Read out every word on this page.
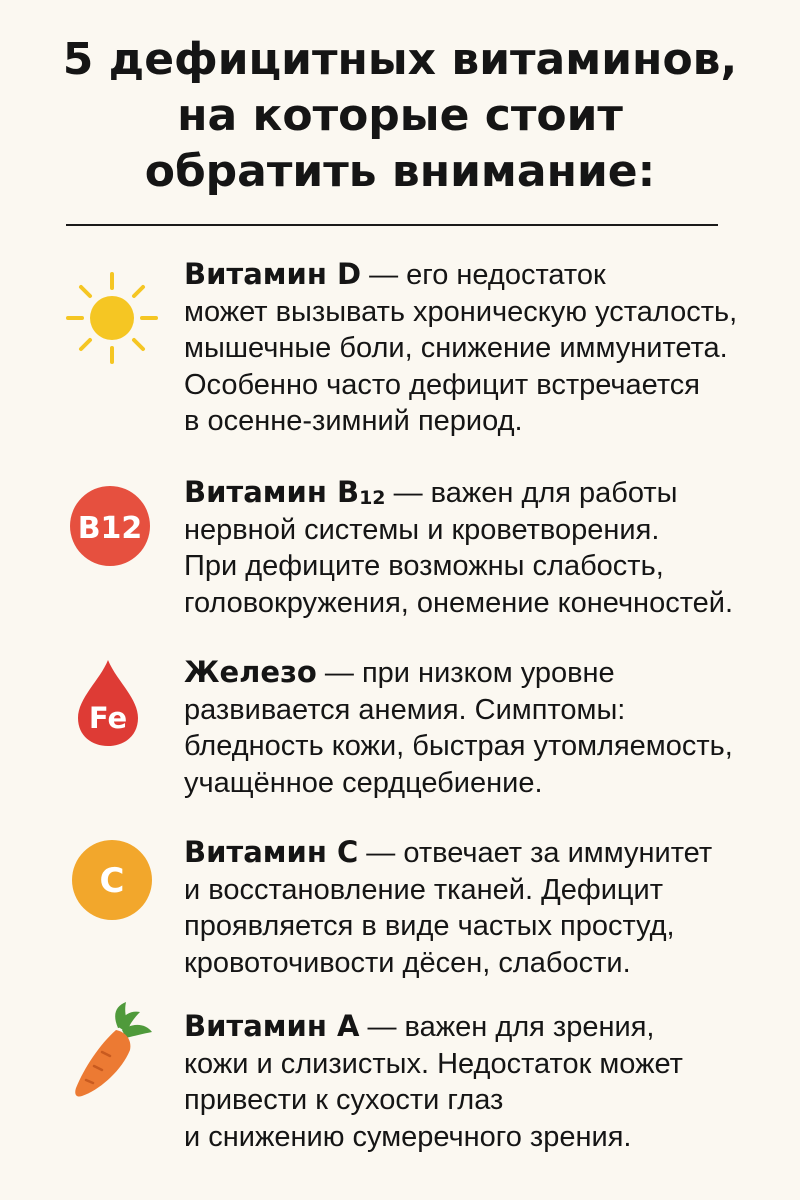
5 дефицитных витаминов,
на которые стоит
обратить внимание:
Витамин D — его недостаток
может вызывать хроническую усталость,
мышечные боли, снижение иммунитета.
Особенно часто дефицит встречается
в осенне-зимний период.
B12
Витамин $B_{12}$ — важен для работы
нервной системы и кроветворения.
При дефиците возможны слабость,
головокружения, онемение конечностей.
Fe
Железо — при низком уровне
развивается анемия. Симптомы:
бледность кожи, быстрая утомляемость,
учащённое сердцебиение.
C
Витамин C — отвечает за иммунитет
и восстановление тканей. Дефицит
проявляется в виде частых простуд,
кровоточивости дёсен, слабости.
Витамин A — важен для зрения,
кожи и слизистых. Недостаток может
привести к сухости глаз
и снижению сумеречного зрения.
